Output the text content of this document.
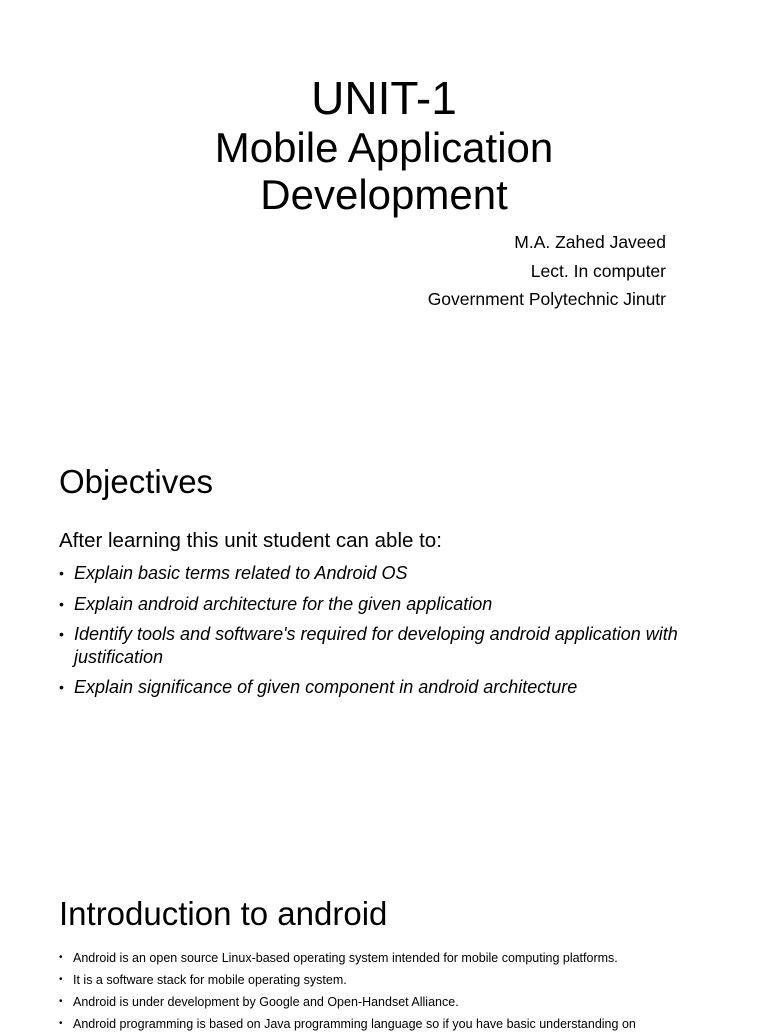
UNIT-1
Mobile Application
Development
M.A. Zahed Javeed
Lect. In computer
Government Polytechnic Jinutr
Objectives
After learning this unit student can able to:
• Explain basic terms related to Android OS
• Explain android architecture for the given application
• Identify tools and software's required for developing android application with justification
• Explain significance of given component in android architecture
Introduction to android
• Android is an open source Linux-based operating system intended for mobile computing platforms.
• It is a software stack for mobile operating system.
• Android is under development by Google and Open-Handset Alliance.
• Android programming is based on Java programming language so if you have basic understanding on
